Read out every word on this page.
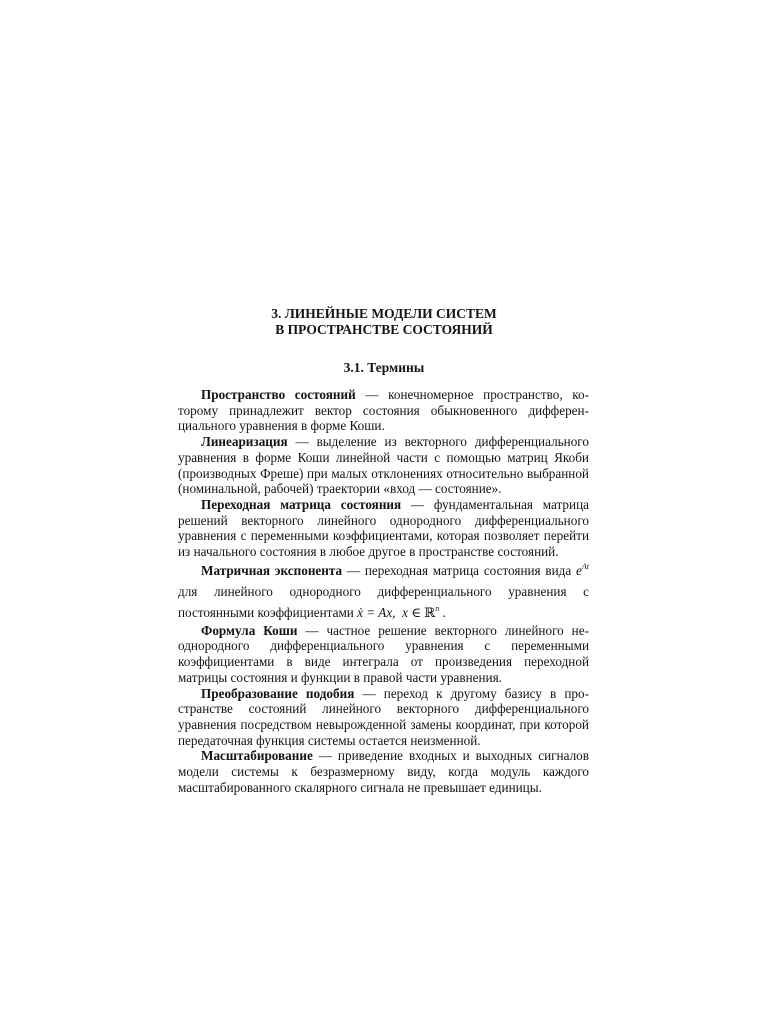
3. ЛИНЕЙНЫЕ МОДЕЛИ СИСТЕМ
В ПРОСТРАНСТВЕ СОСТОЯНИЙ
3.1. Термины

Пространство состояний — конечномерное пространство, которому принадлежит вектор состояния обыкновенного дифференциального уравнения в форме Коши.

Линеаризация — выделение из векторного дифференциального уравнения в форме Коши линейной части с помощью матриц Якоби (производных Фреше) при малых отклонениях относительно выбранной (номинальной, рабочей) траектории «вход — состояние».

Переходная матрица состояния — фундаментальная матрица решений векторного линейного однородного дифференциального уравнения с переменными коэффициентами, которая позволяет перейти из начального состояния в любое другое в пространстве состояний.

Матричная экспонента — переходная матрица состояния вида $e^{At}$ для линейного однородного дифференциального уравнения с постоянными коэффициентами ẋ = Ax, x ∈ ℝ$^n$ .

Формула Коши — частное решение векторного линейного неоднородного дифференциального уравнения с переменными коэффициентами в виде интеграла от произведения переходной матрицы состояния и функции в правой части уравнения.

Преобразование подобия — переход к другому базису в пространстве состояний линейного векторного дифференциального уравнения посредством невырожденной замены координат, при которой передаточная функция системы остается неизменной.

Масштабирование — приведение входных и выходных сигналов модели системы к безразмерному виду, когда модуль каждого масштабированного скалярного сигнала не превышает единицы.
